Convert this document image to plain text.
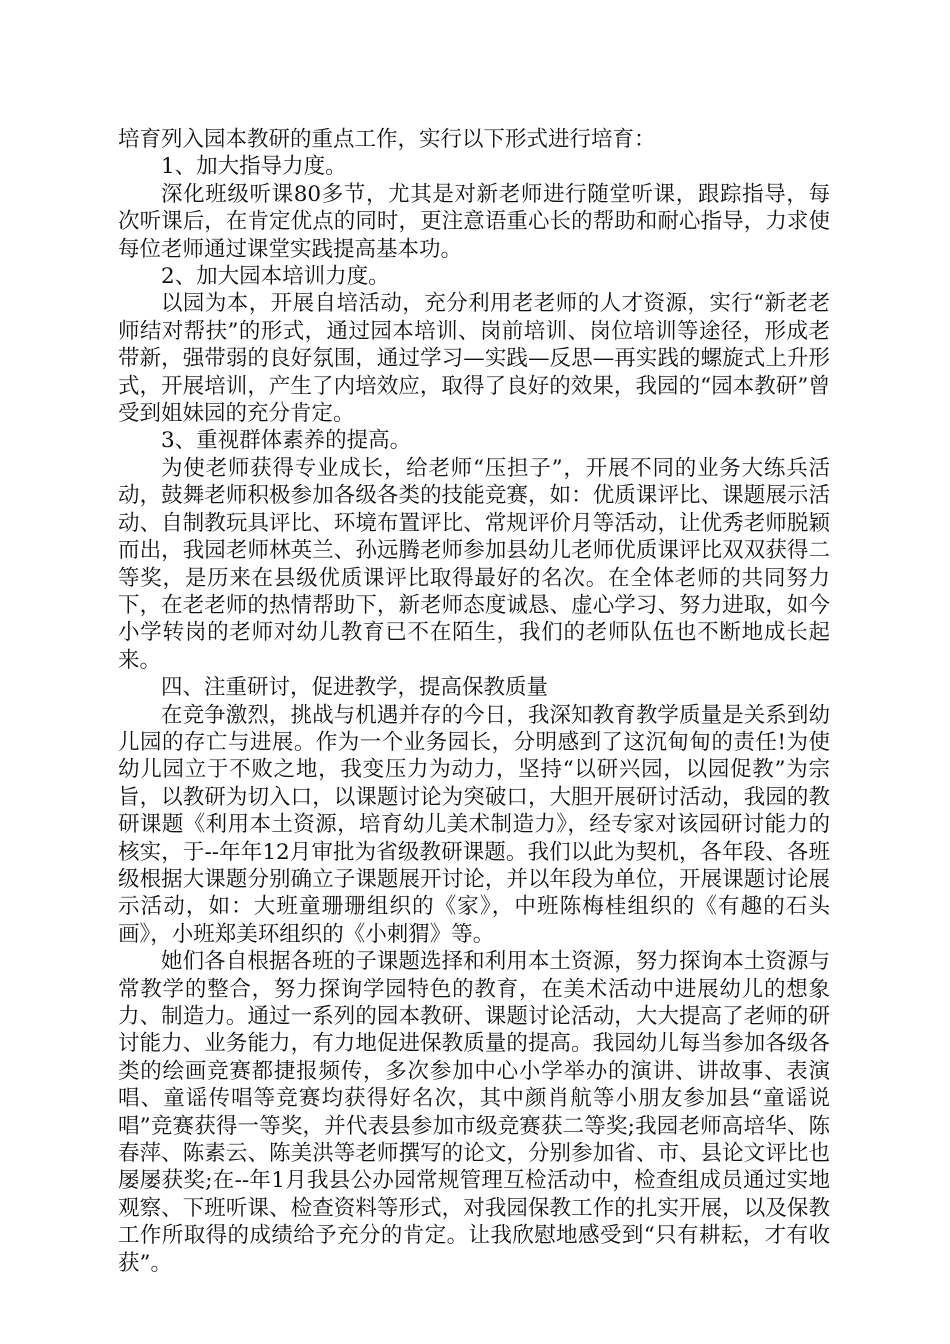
培育列入园本教研的重点工作，实行以下形式进行培育：

1、加大指导力度。

深化班级听课80多节，尤其是对新老师进行随堂听课，跟踪指导，每次听课后，在肯定优点的同时，更注意语重心长的帮助和耐心指导，力求使每位老师通过课堂实践提高基本功。

2、加大园本培训力度。

以园为本，开展自培活动，充分利用老老师的人才资源，实行“新老老师结对帮扶”的形式，通过园本培训、岗前培训、岗位培训等途径，形成老带新，强带弱的良好氛围，通过学习—实践—反思—再实践的螺旋式上升形式，开展培训，产生了内培效应，取得了良好的效果，我园的“园本教研”曾受到姐妹园的充分肯定。

3、重视群体素养的提高。

为使老师获得专业成长，给老师“压担子”，开展不同的业务大练兵活动，鼓舞老师积极参加各级各类的技能竞赛，如：优质课评比、课题展示活动、自制教玩具评比、环境布置评比、常规评价月等活动，让优秀老师脱颖而出，我园老师林英兰、孙远腾老师参加县幼儿老师优质课评比双双获得二等奖，是历来在县级优质课评比取得最好的名次。在全体老师的共同努力下，在老老师的热情帮助下，新老师态度诚恳、虚心学习、努力进取，如今小学转岗的老师对幼儿教育已不在陌生，我们的老师队伍也不断地成长起来。

四、注重研讨，促进教学，提高保教质量

在竞争激烈，挑战与机遇并存的今日，我深知教育教学质量是关系到幼儿园的存亡与进展。作为一个业务园长，分明感到了这沉甸甸的责任!为使幼儿园立于不败之地，我变压力为动力，坚持“以研兴园，以园促教”为宗旨，以教研为切入口，以课题讨论为突破口，大胆开展研讨活动，我园的教研课题《利用本土资源，培育幼儿美术制造力》，经专家对该园研讨能力的核实，于--年年12月审批为省级教研课题。我们以此为契机，各年段、各班级根据大课题分别确立子课题展开讨论，并以年段为单位，开展课题讨论展示活动，如：大班童珊珊组织的《家》，中班陈梅桂组织的《有趣的石头画》，小班郑美环组织的《小刺猬》等。

她们各自根据各班的子课题选择和利用本土资源，努力探询本土资源与常教学的整合，努力探询学园特色的教育，在美术活动中进展幼儿的想象力、制造力。通过一系列的园本教研、课题讨论活动，大大提高了老师的研讨能力、业务能力，有力地促进保教质量的提高。我园幼儿每当参加各级各类的绘画竞赛都捷报频传，多次参加中心小学举办的演讲、讲故事、表演唱、童谣传唱等竞赛均获得好名次，其中颜肖航等小朋友参加县“童谣说唱”竞赛获得一等奖，并代表县参加市级竞赛获二等奖;我园老师高培华、陈春萍、陈素云、陈美洪等老师撰写的论文，分别参加省、市、县论文评比也屡屡获奖;在--年1月我县公办园常规管理互检活动中，检查组成员通过实地观察、下班听课、检查资料等形式，对我园保教工作的扎实开展，以及保教工作所取得的成绩给予充分的肯定。让我欣慰地感受到“只有耕耘，才有收获”。
